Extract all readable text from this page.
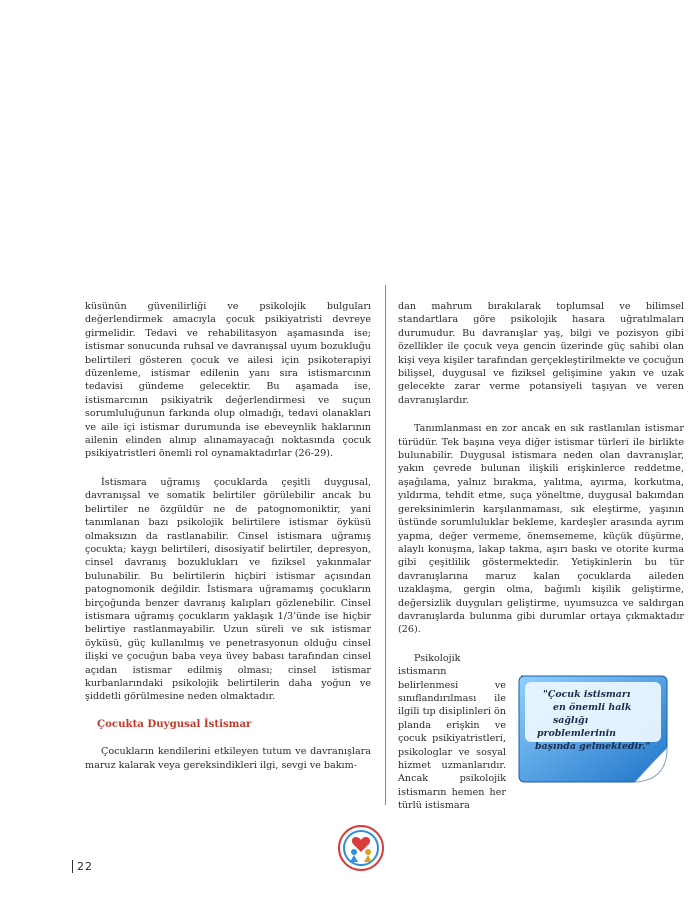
küsünün güvenilirliği ve psikolojik bulguları değerlendirmek amacıyla çocuk psikiyatristi devreye girmelidir. Tedavi ve rehabilitasyon aşamasında ise; istismar sonucunda ruhsal ve davranışsal uyum bozukluğu belirtileri gösteren çocuk ve ailesi için psikoterapiyi düzenleme, istismar edilenin yanı sıra istismarcının tedavisi gündeme gelecektir. Bu aşamada ise, istismarcının psikiyatrik değerlendirmesi ve suçun sorumluluğunun farkında olup olmadığı, tedavi olanakları ve aile içi istismar durumunda ise ebeveynlik haklarının ailenin elinden alınıp alınamayacağı noktasında çocuk psikiyatristleri önemli rol oynamaktadırlar (26-29).

İstismara uğramış çocuklarda çeşitli duygusal, davranışsal ve somatik belirtiler görülebilir ancak bu belirtiler ne özgüldür ne de patognomoniktir, yani tanımlanan bazı psikolojik belirtilere istismar öyküsü olmaksızın da rastlanabilir. Cinsel istismara uğramış çocukta; kaygı belirtileri, disosiyatif belirtiler, depresyon, cinsel davranış bozuklukları ve fiziksel yakınmalar bulunabilir. Bu belirtilerin hiçbiri istismar açısından patognomonik değildir. İstismara uğramamış çocukların birçoğunda benzer davranış kalıpları gözlenebilir. Cinsel istismara uğramış çocukların yaklaşık 1/3’ünde ise hiçbir belirtiye rastlanmayabilir. Uzun süreli ve sık istismar öyküsü, güç kullanılmış ve penetrasyonun olduğu cinsel ilişki ve çocuğun baba veya üvey babası tarafından cinsel açıdan istismar edilmiş olması; cinsel istismar kurbanlarındaki psikolojik belirtilerin daha yoğun ve şiddetli görülmesine neden olmaktadır.

Çocukta Duygusal İstismar

Çocukların kendilerini etkileyen tutum ve davranışlara maruz kalarak veya gereksindikleri ilgi, sevgi ve bakım-

dan mahrum bırakılarak toplumsal ve bilimsel standartlara göre psikolojik hasara uğratılmaları durumudur. Bu davranışlar yaş, bilgi ve pozisyon gibi özellikler ile çocuk veya gencin üzerinde güç sahibi olan kişi veya kişiler tarafından gerçekleştirilmekte ve çocuğun bilişsel, duygusal ve fiziksel gelişimine yakın ve uzak gelecekte zarar verme potansiyeli taşıyan ve veren davranışlardır.

Tanımlanması en zor ancak en sık rastlanılan istismar türüdür. Tek başına veya diğer istismar türleri ile birlikte bulunabilir. Duygusal istismara neden olan davranışlar, yakın çevrede bulunan ilişkili erişkinlerce reddetme, aşağılama, yalnız bırakma, yalıtma, ayırma, korkutma, yıldırma, tehdit etme, suça yöneltme, duygusal bakımdan gereksinimlerin karşılanmaması, sık eleştirme, yaşının üstünde sorumluluklar bekleme, kardeşler arasında ayrım yapma, değer vermeme, önemsememe, küçük düşürme, alaylı konuşma, lakap takma, aşırı baskı ve otorite kurma gibi çeşitlilik göstermektedir. Yetişkinlerin bu tür davranışlarına maruz kalan çocuklarda aileden uzaklaşma, gergin olma, bağımlı kişilik geliştirme, değersizlik duyguları geliştirme, uyumsuzca ve saldırgan davranışlarda bulunma gibi durumlar ortaya çıkmaktadır (26).

Psikolojik istismarın belirlenmesi ve sınıflandırılması ile ilgili tıp disiplinleri ön planda erişkin ve çocuk psikiyatristleri, psikologlar ve sosyal hizmet uzmanlarıdır. Ancak psikolojik istismarın hemen her türlü istismara

"Çocuk istismarı
en önemli halk sağlığı
problemlerinin
başında gelmektedir."
22
